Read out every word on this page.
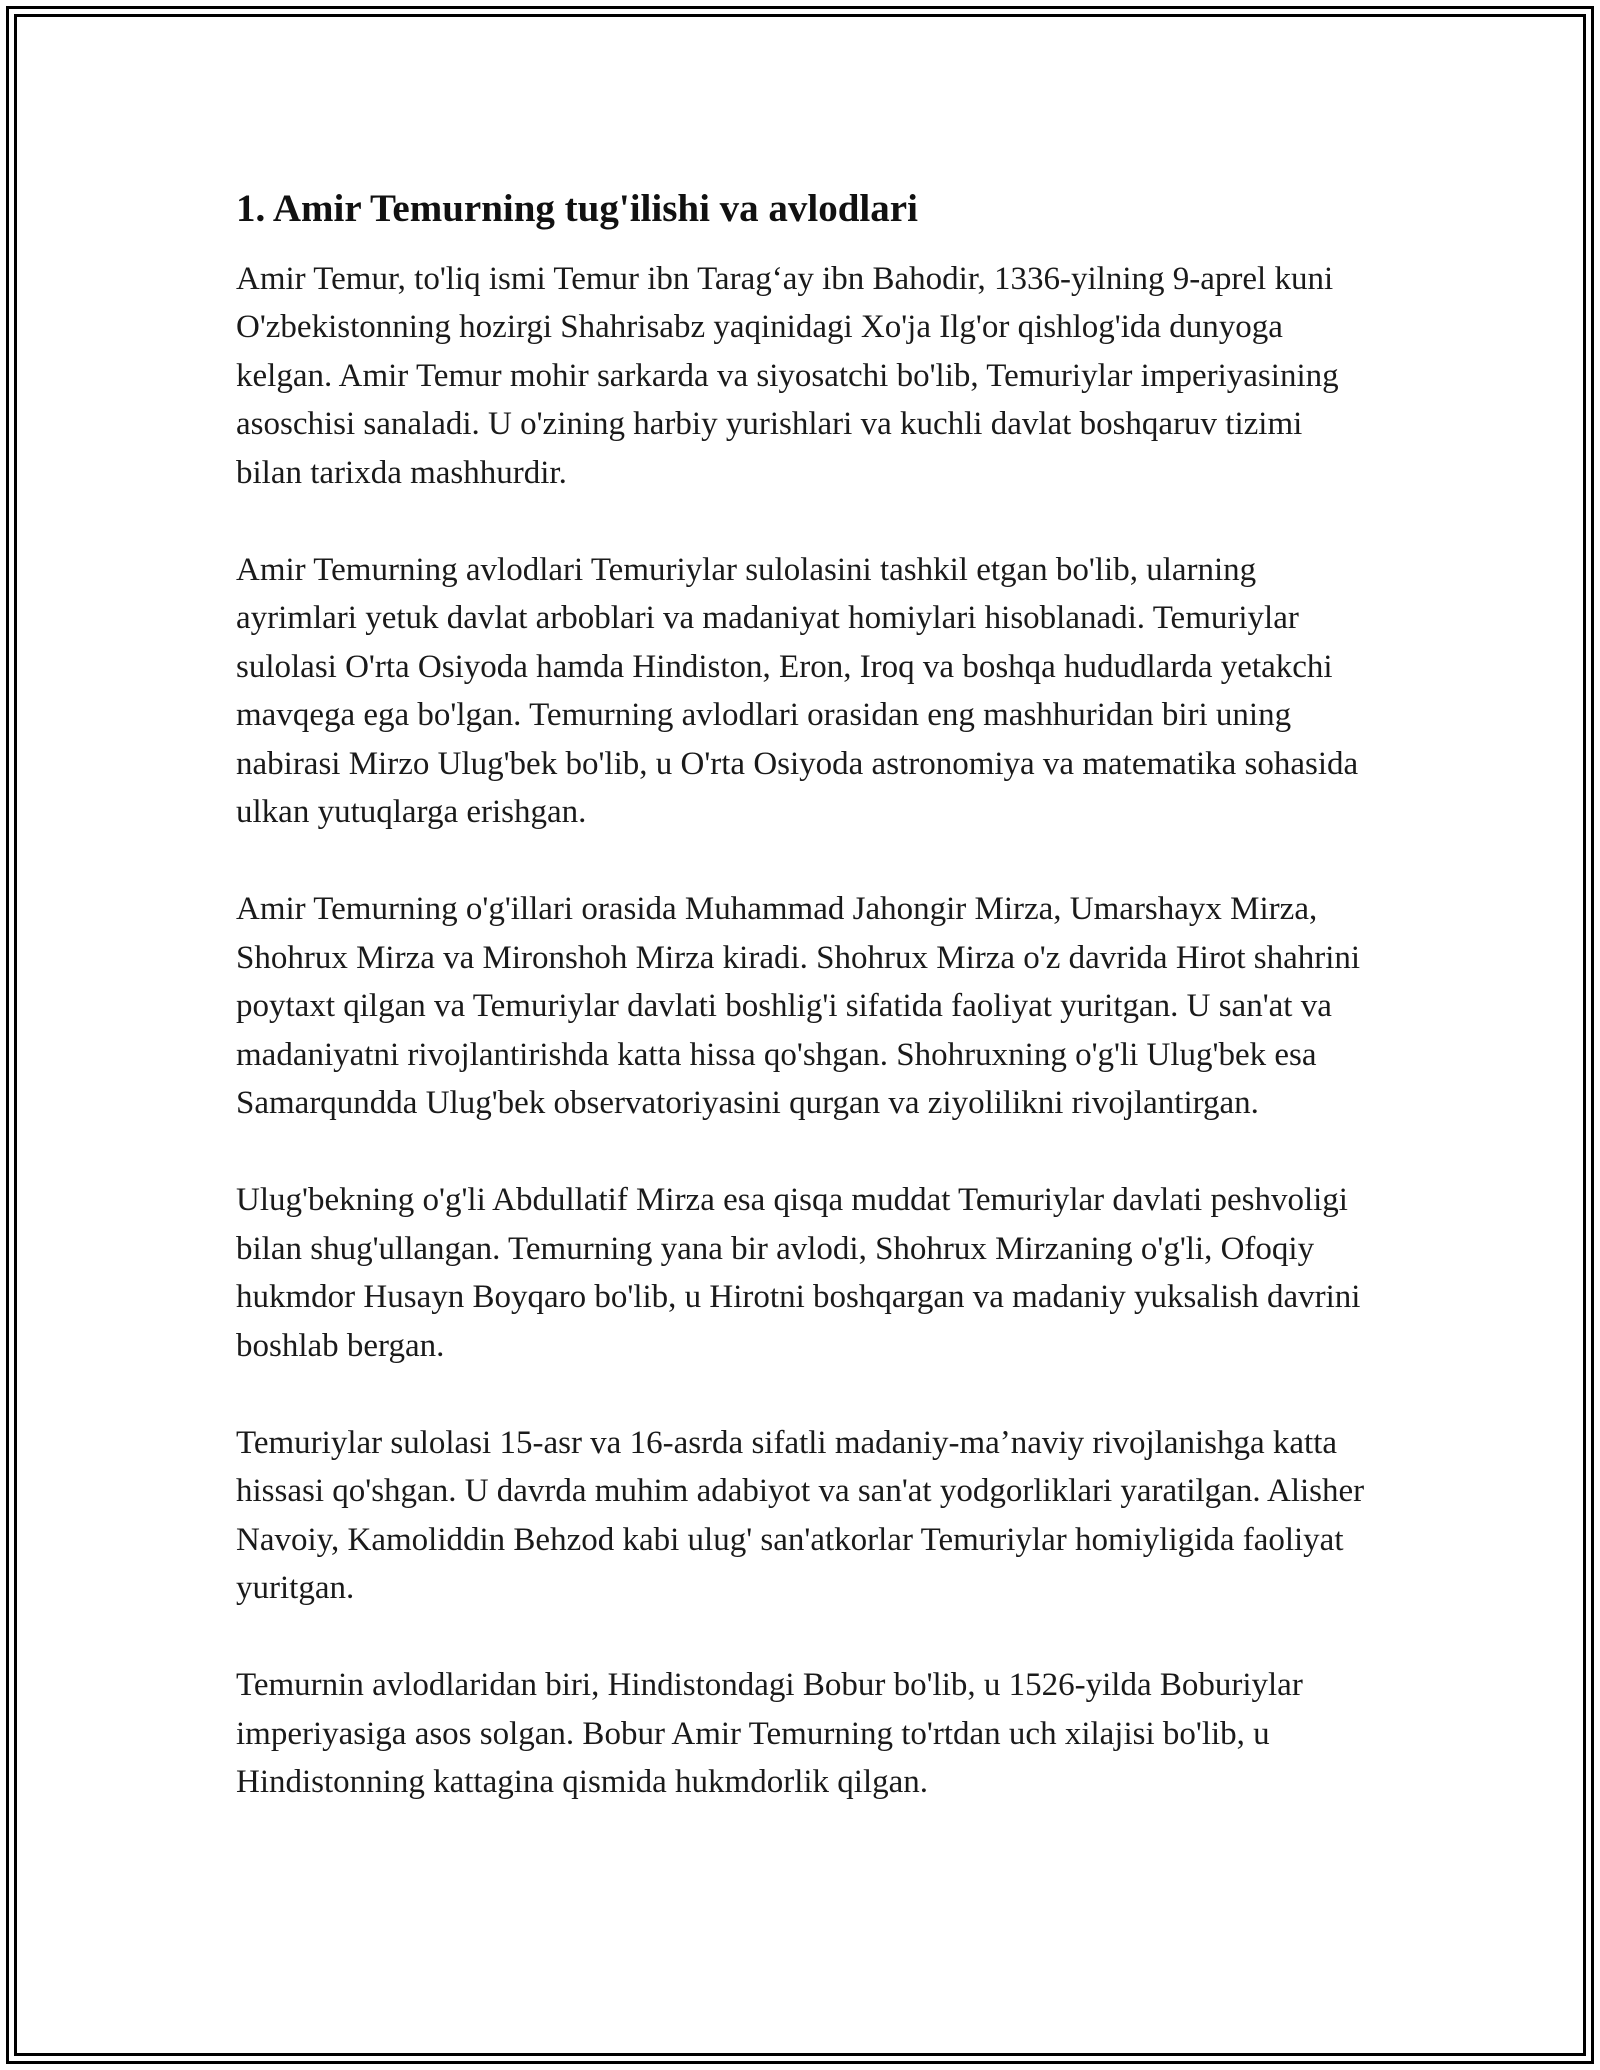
1. Amir Temurning tug'ilishi va avlodlari

Amir Temur, to'liq ismi Temur ibn Taragʻay ibn Bahodir, 1336-yilning 9-aprel kuni O'zbekistonning hozirgi Shahrisabz yaqinidagi Xo'ja Ilg'or qishlog'ida dunyoga kelgan. Amir Temur mohir sarkarda va siyosatchi bo'lib, Temuriylar imperiyasining asoschisi sanaladi. U o'zining harbiy yurishlari va kuchli davlat boshqaruv tizimi bilan tarixda mashhurdir.

Amir Temurning avlodlari Temuriylar sulolasini tashkil etgan bo'lib, ularning ayrimlari yetuk davlat arboblari va madaniyat homiylari hisoblanadi. Temuriylar sulolasi O'rta Osiyoda hamda Hindiston, Eron, Iroq va boshqa hududlarda yetakchi mavqega ega bo'lgan. Temurning avlodlari orasidan eng mashhuridan biri uning nabirasi Mirzo Ulug'bek bo'lib, u O'rta Osiyoda astronomiya va matematika sohasida ulkan yutuqlarga erishgan.

Amir Temurning o'g'illari orasida Muhammad Jahongir Mirza, Umarshayx Mirza, Shohrux Mirza va Mironshoh Mirza kiradi. Shohrux Mirza o'z davrida Hirot shahrini poytaxt qilgan va Temuriylar davlati boshlig'i sifatida faoliyat yuritgan. U san'at va madaniyatni rivojlantirishda katta hissa qo'shgan. Shohruxning o'g'li Ulug'bek esa Samarqundda Ulug'bek observatoriyasini qurgan va ziyolilikni rivojlantirgan.

Ulug'bekning o'g'li Abdullatif Mirza esa qisqa muddat Temuriylar davlati peshvoligi bilan shug'ullangan. Temurning yana bir avlodi, Shohrux Mirzaning o'g'li, Ofoqiy hukmdor Husayn Boyqaro bo'lib, u Hirotni boshqargan va madaniy yuksalish davrini boshlab bergan.

Temuriylar sulolasi 15-asr va 16-asrda sifatli madaniy-maʼnaviy rivojlanishga katta hissasi qo'shgan. U davrda muhim adabiyot va san'at yodgorliklari yaratilgan. Alisher Navoiy, Kamoliddin Behzod kabi ulug' san'atkorlar Temuriylar homiyligida faoliyat yuritgan.

Temurnin avlodlaridan biri, Hindistondagi Bobur bo'lib, u 1526-yilda Boburiylar imperiyasiga asos solgan. Bobur Amir Temurning to'rtdan uch xilajisi bo'lib, u Hindistonning kattagina qismida hukmdorlik qilgan.
